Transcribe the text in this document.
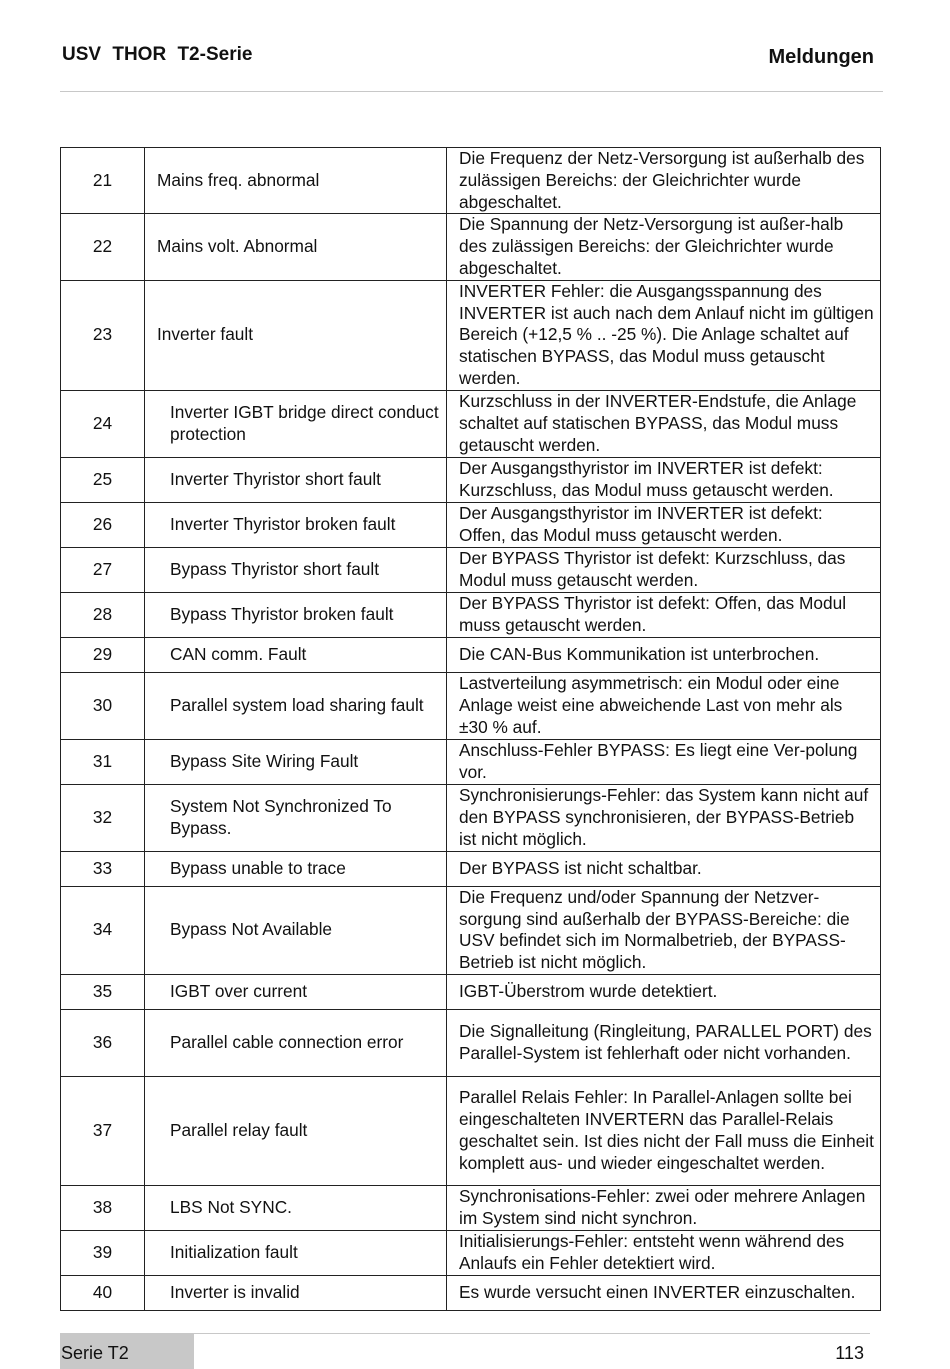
USV THOR T2-Serie	Meldungen
21	Mains freq. abnormal	Die Frequenz der Netz-Versorgung ist außerhalb des zulässigen Bereichs: der Gleichrichter wurde abgeschaltet.
22	Mains volt. Abnormal	Die Spannung der Netz-Versorgung ist außer-halb des zulässigen Bereichs: der Gleichrichter wurde abgeschaltet.
23	Inverter fault	INVERTER Fehler: die Ausgangsspannung des INVERTER ist auch nach dem Anlauf nicht im gültigen Bereich (+12,5 % .. -25 %). Die Anlage schaltet auf statischen BYPASS, das Modul muss getauscht werden.
24	Inverter IGBT bridge direct conduct protection	Kurzschluss in der INVERTER-Endstufe, die Anlage schaltet auf statischen BYPASS, das Modul muss getauscht werden.
25	Inverter Thyristor short fault	Der Ausgangsthyristor im INVERTER ist defekt: Kurzschluss, das Modul muss getauscht werden.
26	Inverter Thyristor broken fault	Der Ausgangsthyristor im INVERTER ist defekt: Offen, das Modul muss getauscht werden.
27	Bypass Thyristor short fault	Der BYPASS Thyristor ist defekt: Kurzschluss, das Modul muss getauscht werden.
28	Bypass Thyristor broken fault	Der BYPASS Thyristor ist defekt: Offen, das Modul muss getauscht werden.
29	CAN comm. Fault	Die CAN-Bus Kommunikation ist unterbrochen.
30	Parallel system load sharing fault	Lastverteilung asymmetrisch: ein Modul oder eine Anlage weist eine abweichende Last von mehr als ±30 % auf.
31	Bypass Site Wiring Fault	Anschluss-Fehler BYPASS: Es liegt eine Ver-polung vor.
32	System Not Synchronized To Bypass.	Synchronisierungs-Fehler: das System kann nicht auf den BYPASS synchronisieren, der BYPASS-Betrieb ist nicht möglich.
33	Bypass unable to trace	Der BYPASS ist nicht schaltbar.
34	Bypass Not Available	Die Frequenz und/oder Spannung der Netzver-sorgung sind außerhalb der BYPASS-Bereiche: die USV befindet sich im Normalbetrieb, der BYPASS-Betrieb ist nicht möglich.
35	IGBT over current	IGBT-Überstrom wurde detektiert.
36	Parallel cable connection error	Die Signalleitung (Ringleitung, PARALLEL PORT) des Parallel-System ist fehlerhaft oder nicht vorhanden.
37	Parallel relay fault	Parallel Relais Fehler: In Parallel-Anlagen sollte bei eingeschalteten INVERTERN das Parallel-Relais geschaltet sein. Ist dies nicht der Fall muss die Einheit komplett aus- und wieder eingeschaltet werden.
38	LBS Not SYNC.	Synchronisations-Fehler: zwei oder mehrere Anlagen im System sind nicht synchron.
39	Initialization fault	Initialisierungs-Fehler: entsteht wenn während des Anlaufs ein Fehler detektiert wird.
40	Inverter is invalid	Es wurde versucht einen INVERTER einzuschalten.
Serie T2	113
